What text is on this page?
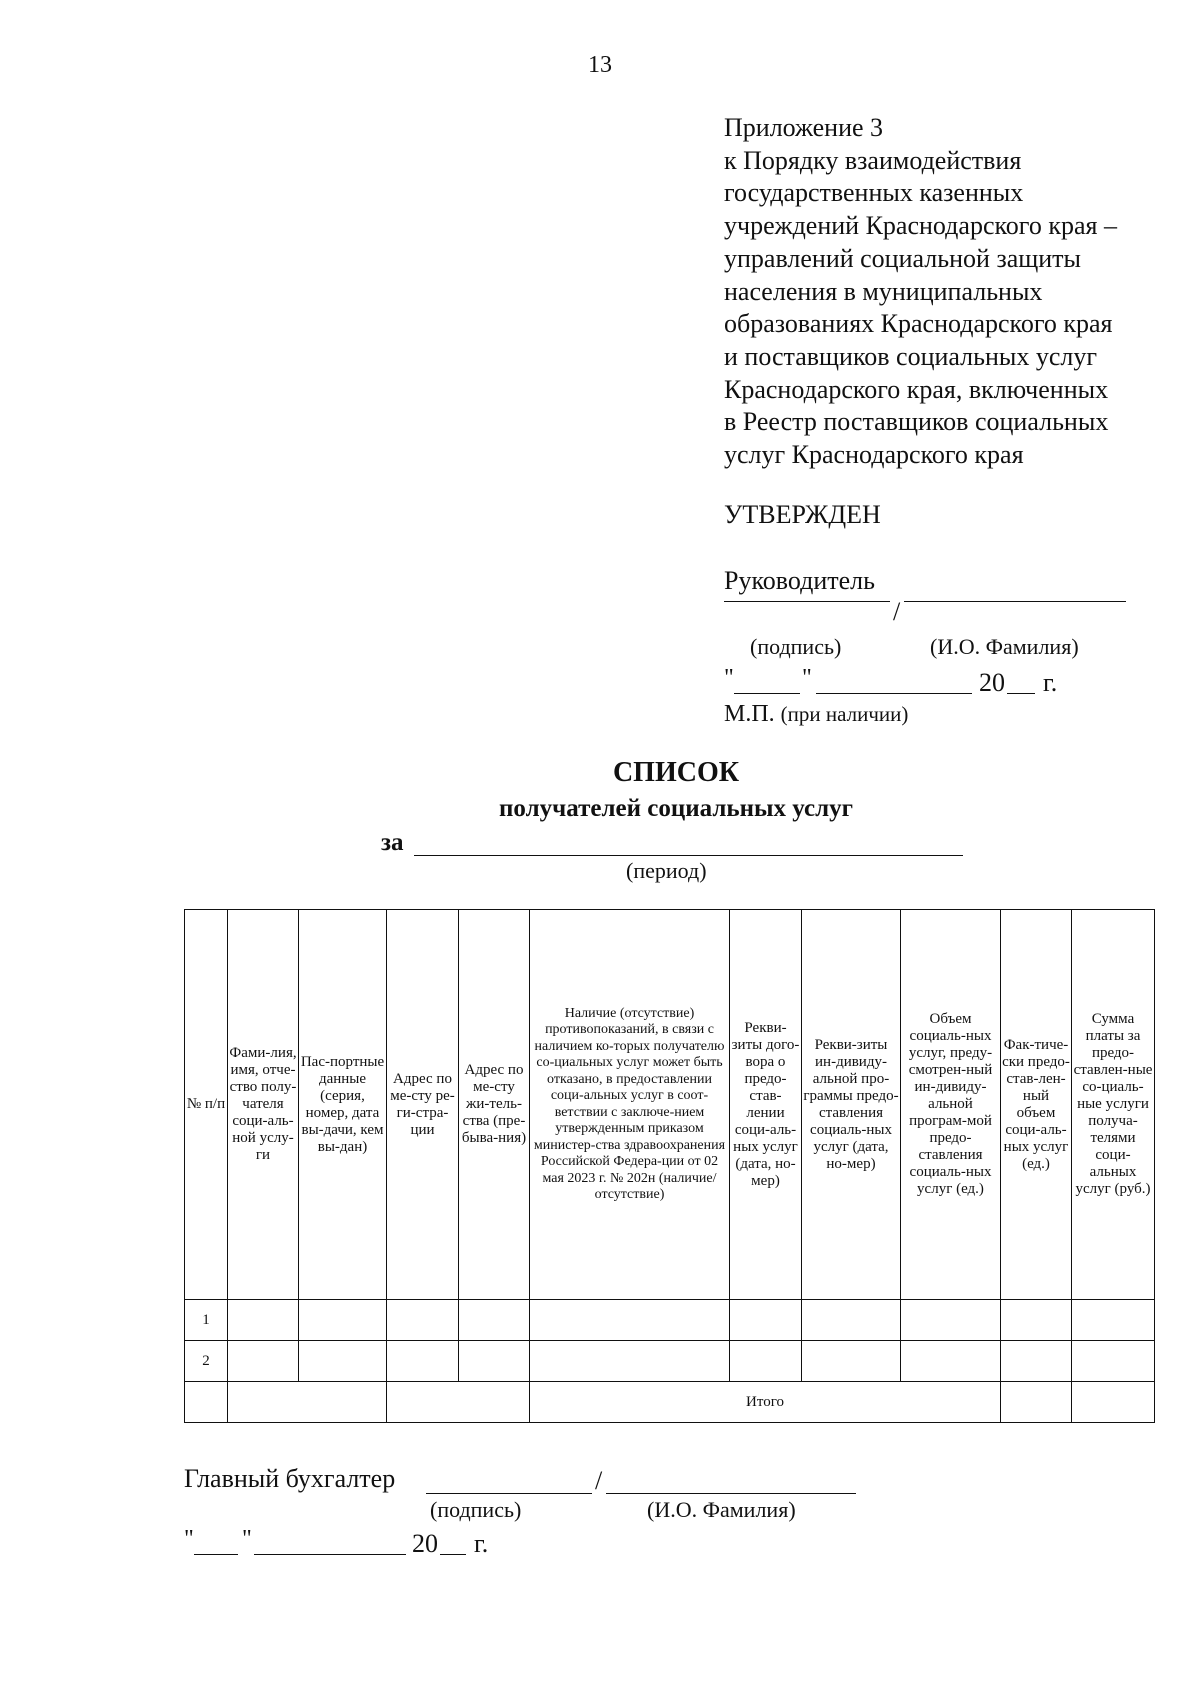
13
Приложение 3
к Порядку взаимодействия
государственных казенных
учреждений Краснодарского края –
управлений социальной защиты
населения в муниципальных
образованиях Краснодарского края
и поставщиков социальных услуг
Краснодарского края, включенных
в Реестр поставщиков социальных
услуг Краснодарского края
УТВЕРЖДЕН
Руководитель
/
(подпись)	(И.О. Фамилия)
"	"	20 г.
М.П. (при наличии)
СПИСОК
получателей социальных услуг
за
(период)
№ п/п	Фами-лия, имя, отче-ство полу-чателя соци-аль-ной услу-ги	Пас-портные данные (серия, номер, дата вы-дачи, кем вы-дан)	Адрес по ме-сту ре-ги-стра-ции	Адрес по ме-сту жи-тель-ства (пре-быва-ния)	Наличие (отсутствие) противопоказаний, в связи с наличием ко-торых получателю со-циальных услуг может быть отказано, в предоставлении соци-альных услуг в соот-ветствии с заключе-нием утвержденным приказом министер-ства здравоохранения Российской Федера-ции от 02 мая 2023 г. № 202н (наличие/отсутствие)	Рекви-зиты дого-вора о предо-став-лении соци-аль-ных услуг (дата, но-мер)	Рекви-зиты ин-дивиду-альной про-граммы предо-ставления социаль-ных услуг (дата, но-мер)	Объем социаль-ных услуг, преду-смотрен-ный ин-дивиду-альной програм-мой предо-ставления социаль-ных услуг (ед.)	Фак-тиче-ски предо-став-лен-ный объем соци-аль-ных услуг (ед.)	Сумма платы за предо-ставлен-ные со-циаль-ные услуги получа-телями соци-альных услуг (руб.)
1										
2										
					Итого					
Главный бухгалтер	/
(подпись)	(И.О. Фамилия)
" "	20 г.
